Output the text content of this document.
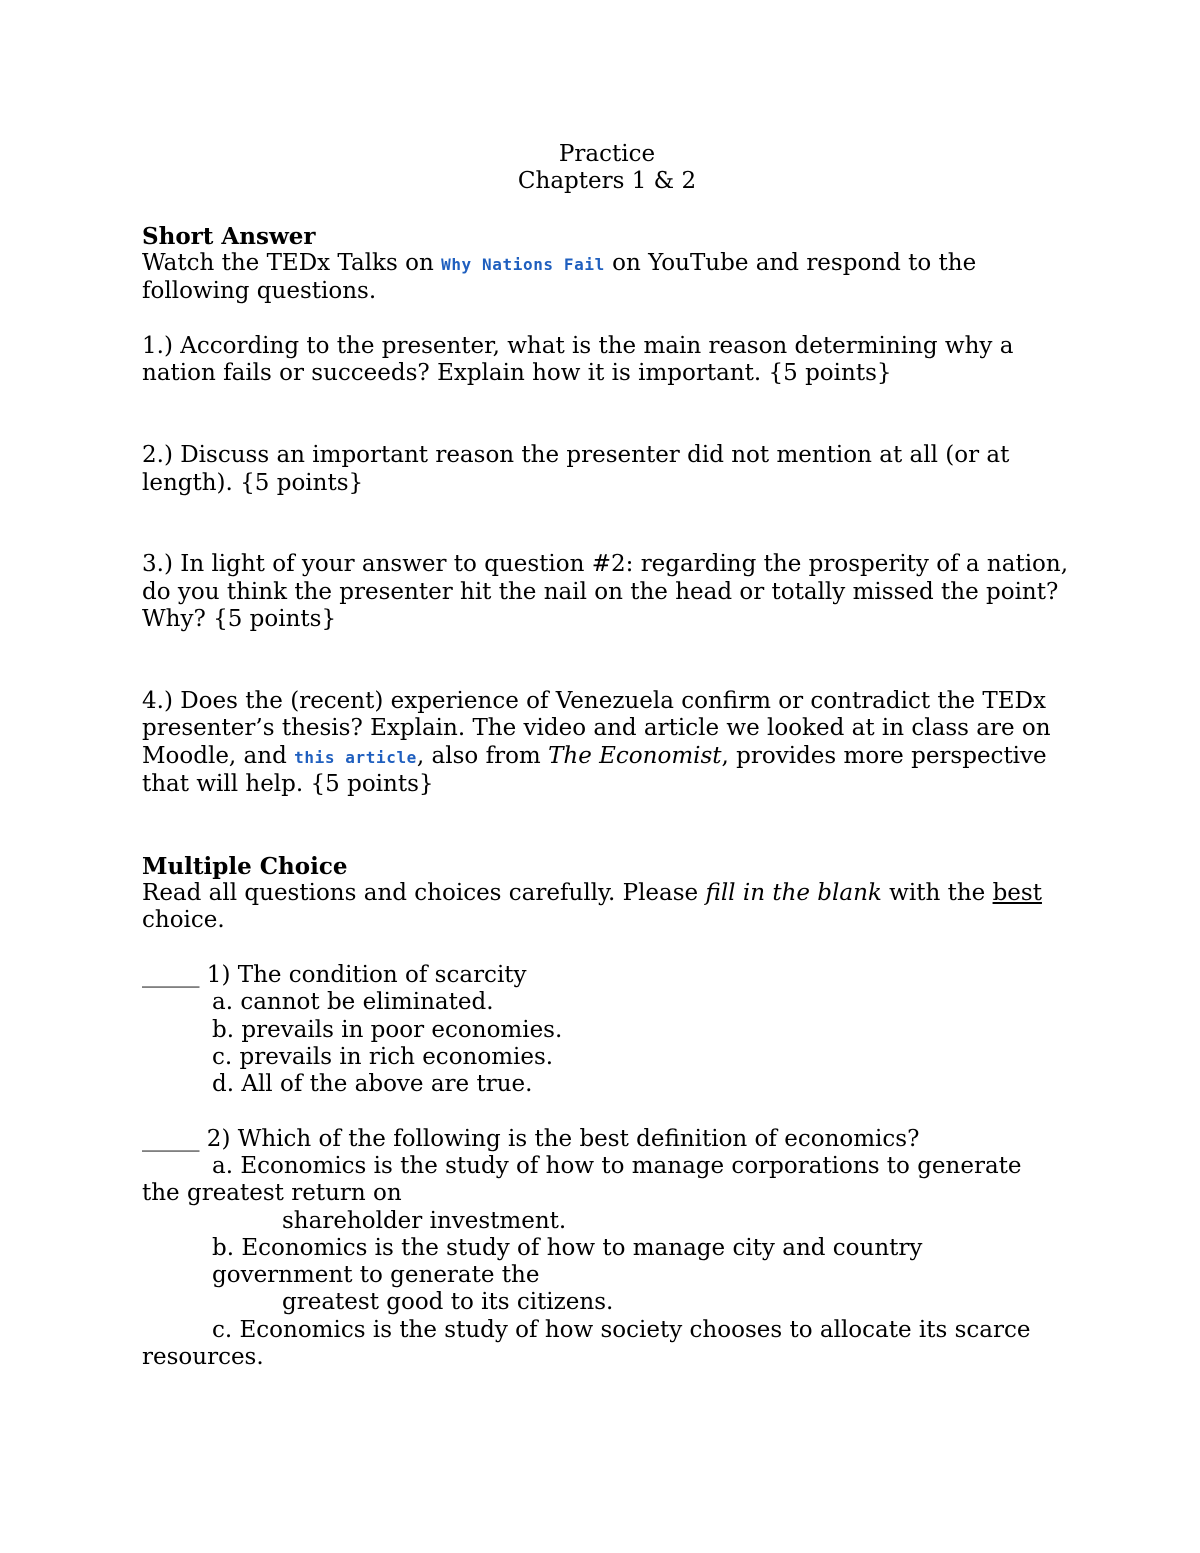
Practice

Chapters 1 & 2

Short Answer

Watch the TEDx Talks on Why Nations Fail on YouTube and respond to the following questions.

1.) According to the presenter, what is the main reason determining why a nation fails or succeeds? Explain how it is important. {5 points}

2.) Discuss an important reason the presenter did not mention at all (or at length). {5 points}

3.) In light of your answer to question #2: regarding the prosperity of a nation, do you think the presenter hit the nail on the head or totally missed the point? Why? {5 points}

4.) Does the (recent) experience of Venezuela confirm or contradict the TEDx presenter’s thesis? Explain. The video and article we looked at in class are on Moodle, and this article, also from The Economist, provides more perspective that will help. {5 points}

Multiple Choice

Read all questions and choices carefully. Please fill in the blank with the best choice.

_____ 1) The condition of scarcity

a. cannot be eliminated.

b. prevails in poor economies.

c. prevails in rich economies.

d. All of the above are true.

_____ 2) Which of the following is the best definition of economics?

a. Economics is the study of how to manage corporations to generate

the greatest return on

shareholder investment.

b. Economics is the study of how to manage city and country

government to generate the

greatest good to its citizens.

c. Economics is the study of how society chooses to allocate its scarce

resources.
